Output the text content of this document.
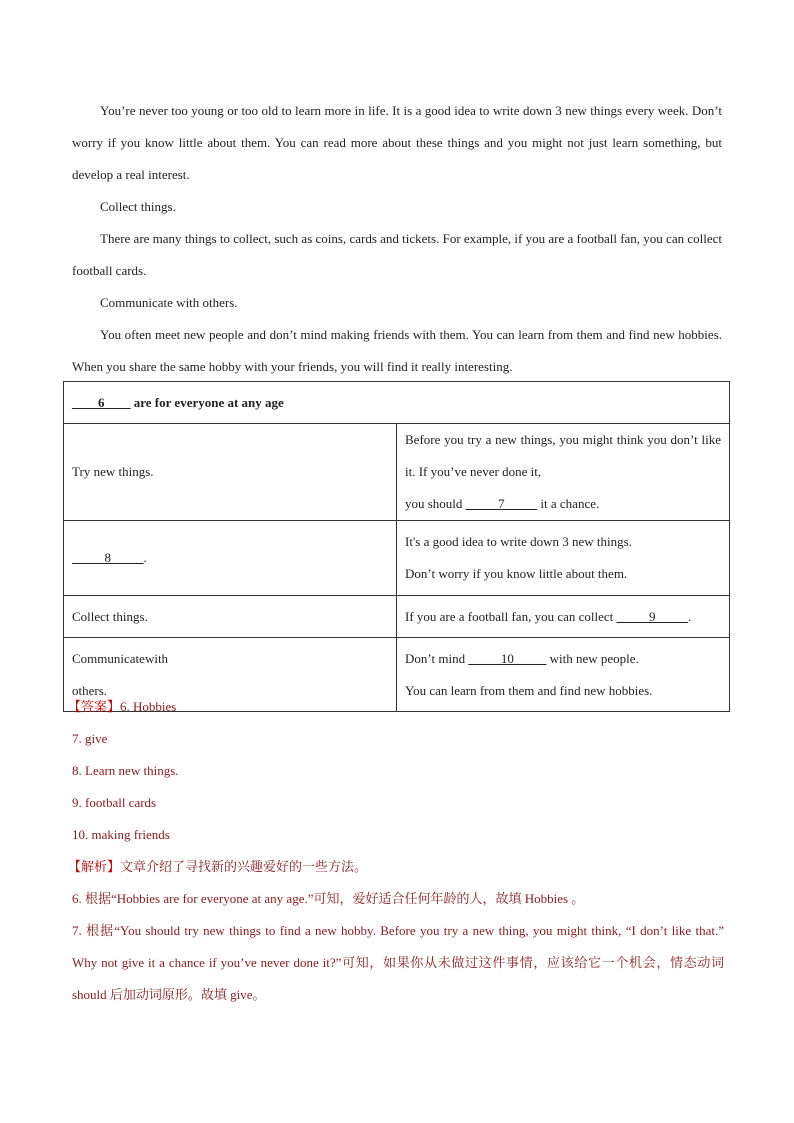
You’re never too young or too old to learn more in life. It is a good idea to write down 3 new things every week. Don’t worry if you know little about them. You can read more about these things and you might not just learn something, but develop a real interest.

Collect things.

There are many things to collect, such as coins, cards and tickets. For example, if you are a football fan, you can collect football cards.

Communicate with others.

You often meet new people and don’t mind making friends with them. You can learn from them and find new hobbies. When you share the same hobby with your friends, you will find it really interesting.

____6____ are for everyone at any age	

Try new things.	Before you try a new things, you might think you don’t like it. If you’ve never done it,
you should _____7_____ it a chance.

_____8_____.	It's a good idea to write down 3 new things.
Don’t worry if you know little about them.

Collect things.	If you are a football fan, you can collect _____9_____.

Communicatewith
others.	Don’t mind _____10_____ with new people.
You can learn from them and find new hobbies.
【答案】6. Hobbies
7. give
8. Learn new things.
9. football cards
10. making friends
【解析】文章介绍了寻找新的兴趣爱好的一些方法。
6. 根据“Hobbies are for everyone at any age.”可知，爱好适合任何年龄的人，故填 Hobbies 。
7. 根据“You should try new things to find a new hobby. Before you try a new thing, you might think, “I don’t like that.” Why not give it a chance if you’ve never done it?”可知，如果你从未做过这件事情，应该给它一个机会，情态动词 should 后加动词原形。故填 give。
